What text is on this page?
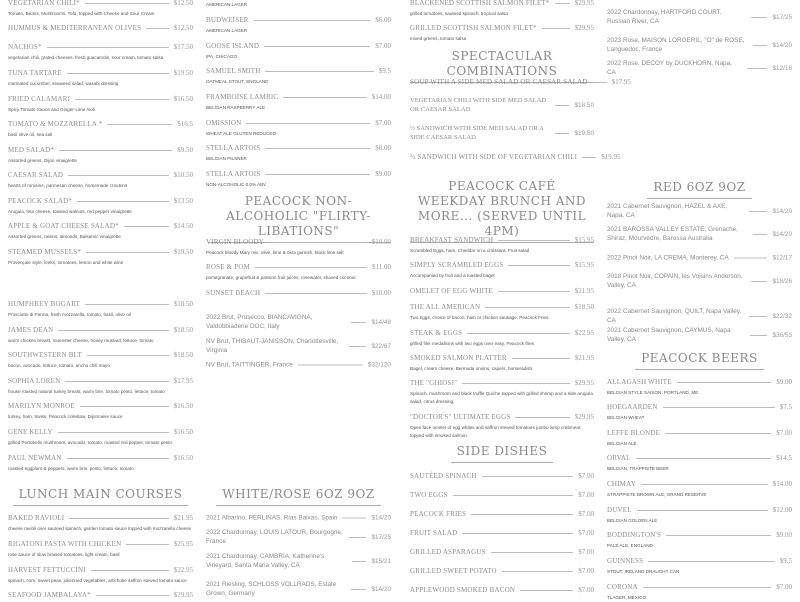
VEGETARIAN CHILI*	$12.50
Tomato, Beans, Mushrooms, Tofu, topped with Cheese and Sour Cream
HUMMUS & MEDITERRANEAN OLIVES	$12.50
NACHOS*	$17.50
vegetarian chili, grated cheeses, fresh guacamole, sour cream, tomato salsa
TUNA TARTARE	$19.50
marinated cucumber, seaweed salad, wasabi dressing
FRIED CALAMARI	$16.50
Spicy Tomato Sauce and Ginger-Lime Aioli
TOMATO & MOZZARELLA *	$16.5
basil olive oil, sea salt
MED SALAD*	$9.50
Assorted greens, Dijon vinaigrette
CAESAR SALAD	$10.50
hearts of romaine, parmesan cheese, homemade croutons
PEACOCK SALAD*	$13.50
Arugula, feta cheese, toasted walnuts, red pepper vinaigrette
APPLE & GOAT CHEESE SALAD*	$14.50
Assorted greens, raisins, almonds, Balsamic vinaigrette
STEAMED MUSSELS*	$19.50
Provençale style, leeks, tomatoes, lemon and white wine
HUMPHREY BOGART	$18.50
Prosciutto di Parma, fresh mozzarella, tomato, basil, olive oil
JAMES DEAN	$18.50
warm chicken breast, muenster cheese, honey mustard, lettuce, tomato
SOUTHWESTERN BLT	$18.50
bacon, avocado, lettuce, tomato, ancho chili mayo
SOPHIA LOREN	$17.95
house roasted natural turkey breast, warm brie, tomato pesto, lettuce, tomato
MARILYN MONROE	$16.50
turkey, ham, Swiss, Peacock coleslaw, Dijonnaise sauce
GENE KELLY	$16.50
grilled Portobello mushroom, avocado, tomato, roasted red pepper, tomato pesto
PAUL NEWMAN	$16.50
roasted eggplant & peppers, warm brie, pesto, lettuce, tomato
LUNCH MAIN COURSES
BAKED RAVIOLI	$21.95
cheese ravioli over sauteed spinach, garden tomato sauce topped with mozzarella cheese
RIGATONI PASTA WITH CHICKEN	$25.95
rose sauce of slow braised tomatoes, light cream, basil
HARVEST FETTUCCINI	$22.95
spinach, corn, sweet peas, julienned vegetables, artichoke saffron stewed tomato sauce
SEAFOOD JAMBALAYA*	$29.95
AMERICAN LAGER
BUDWEISER	$6.00
AMERICAN LAGER
GOOSE ISLAND	$7.00
IPA, CHICAGO
SAMUEL SMITH	$9.5
OATMEAL STOUT, ENGLAND
FRAMBOISE LAMBIC	$14.00
BELGIAN RASPBERRY ALE
OMISSION	$7.00
WHEAT ALE GLUTEN REDUCED
STELLA ARTOIS	$8.00
BELGIAN PILSNER
STELLA ARTOIS	$9.00
NON-ALCOHOLIC 0.0% ABV
PEACOCK NON-ALCOHOLIC "FLIRTY-LIBATIONS"
VIRGIN BLOODY	$10.00
Peacock bloody Mary mix, olive, lime & okra garnish, black lime salt
ROSE & POM	$11.00
pomegranate, grapefruit & passion fruit juices, rosewater, shaved coconut
SUNSET BEACH	$10.00
2022 Brut, Prosecco, BIANCAVIGNA, Valdobbiadene DOC, Italy
$14/48
NV Brut, THIBAUT-JANISSON, Charlottesville, Virginia
$22/67
NV Brut, TAITTINGER, France	$32/120
WHITE/ROSE 6OZ 9OZ
2021 Albarino, PERLINAS, Rias Baixas, Spain	$14/20
2022 Chardonnay, LOUIS LATOUR, Bourgogne, France
$17/25
2021 Chardonnay, CAMBRIA, Katherine's Vineyard, Santa Maria Valley, CA
$15/21
2021 Riesling, SCHLOSS VOLLRADS, Estate Grown, Germany
$14/20
BLACKENED SCOTTISH SALMON FILET*	$29.95
grilled tomatoes, sauteed spinach, tropical salsa
GRILLED SCOTTISH SALMON FILET*	$29.95
mixed greens, tomato salsa
SPECTACULAR COMBINATIONS
SOUP WITH A SIDE MED SALAD OR CAESAR SALAD	$17.95
VEGETARIAN CHILI WITH SIDE MED SALAD OR CAESAR SALAD
$18.50
½ SANDWICH WITH SIDE MED SALAD OR A SIDE CAESAR SALAD
$19.50
½ SANDWICH WITH SIDE OF VEGETARIAN CHILI	$19.95
PEACOCK CAFÉ WEEKDAY BRUNCH AND MORE... (SERVED UNTIL 4PM)
BREAKFAST SANDWICH	$15.95
Scrambled Eggs, ham, Cheddar on a croissant, Fruit salad
SIMPLY SCRAMBLED EGGS	$15.95
Accompanied by fruit and a toasted bagel
OMELET OF EGG WHITE	$21.95
THE ALL AMERICAN	$18.50
Two eggs, choice of bacon, ham or chicken sausage, Peacock Fries.
STEAK & EGGS	$22.95
grilled filet medallions with two eggs over easy, Peacock fries
SMOKED SALMON PLATTER	$21.95
Bagel, cream cheese, Bermuda onions, capers, horseradish.
THE "GHIOSI"	$29.95
Spinach, mushroom and black truffle Quiche topped with grilled shrimp and a side arugula salad, citrus dressing.
"DOCTOR'S" ULTIMATE EGGS	$29.95
Open face omelet of egg whites and saffron stewed tomatoes jumbo lump crabmeat, topped with smoked salmon.
SIDE DISHES
SAUTÉED SPINACH	$7.00
TWO EGGS	$7.00
PEACOCK FRIES	$7.00
FRUIT SALAD	$7.00
GRILLED ASPARAGUS	$7.00
GRILLED SWEET POTATO	$7.00
APPLEWOOD SMOKED BACON	$7.00
2022 Chardonnay, HARTFORD COURT, Russian River, CA
$17/25
2023 Rose, MAISON LORGERIL, "O" de ROSE, Languedoc, France
$14/20
2022 Rose, DECOY by DUCKHORN, Napa, CA
$12/18
RED 6OZ 9OZ
2021 Cabernet Sauvignon, HAZEL & AXE, Napa, CA
$14/20
2021 BAROSSA VALLEY ESTATE, Grenache, Shiraz, Mourvèdre, Barossa Australia
$14/20
2022 Pinot Noir, LA CREMA, Monterey, CA	$12/17
2018 Pinot Noir, COPAIN, les Voisins Anderson, Valley, CA
$18/26
2022 Cabernet Sauvignon, QUILT, Napa Valley, CA
$22/32
2021 Cabernet Sauvignon, CAYMUS, Napa Valley, CA
$36/55
PEACOCK BEERS
ALLAGASH WHITE	$9.00
BELGIAN STYLE SAISON, PORTLAND, ME
HOEGAARDEN	$7.5
BELGIAN WHEAT
LEFFE BLONDE	$7.00
BELGIAN ALE
ORVAL	$14.5
BELGIAN, TRAPPISTE BEER
CHIMAY	$14.00
STRAPPISTE BROWN ALE, GRAND RESERVE
DUVEL	$12.00
BELGIAN GOLDEN ALE
BODDINGTON'S	$9.00
PALE ALE, ENGLAND
GUINNESS	$9.5
STOUT, IRELAND DRAUGHT CAN
CORONA	$7.00
TLAGER, MEXICO
